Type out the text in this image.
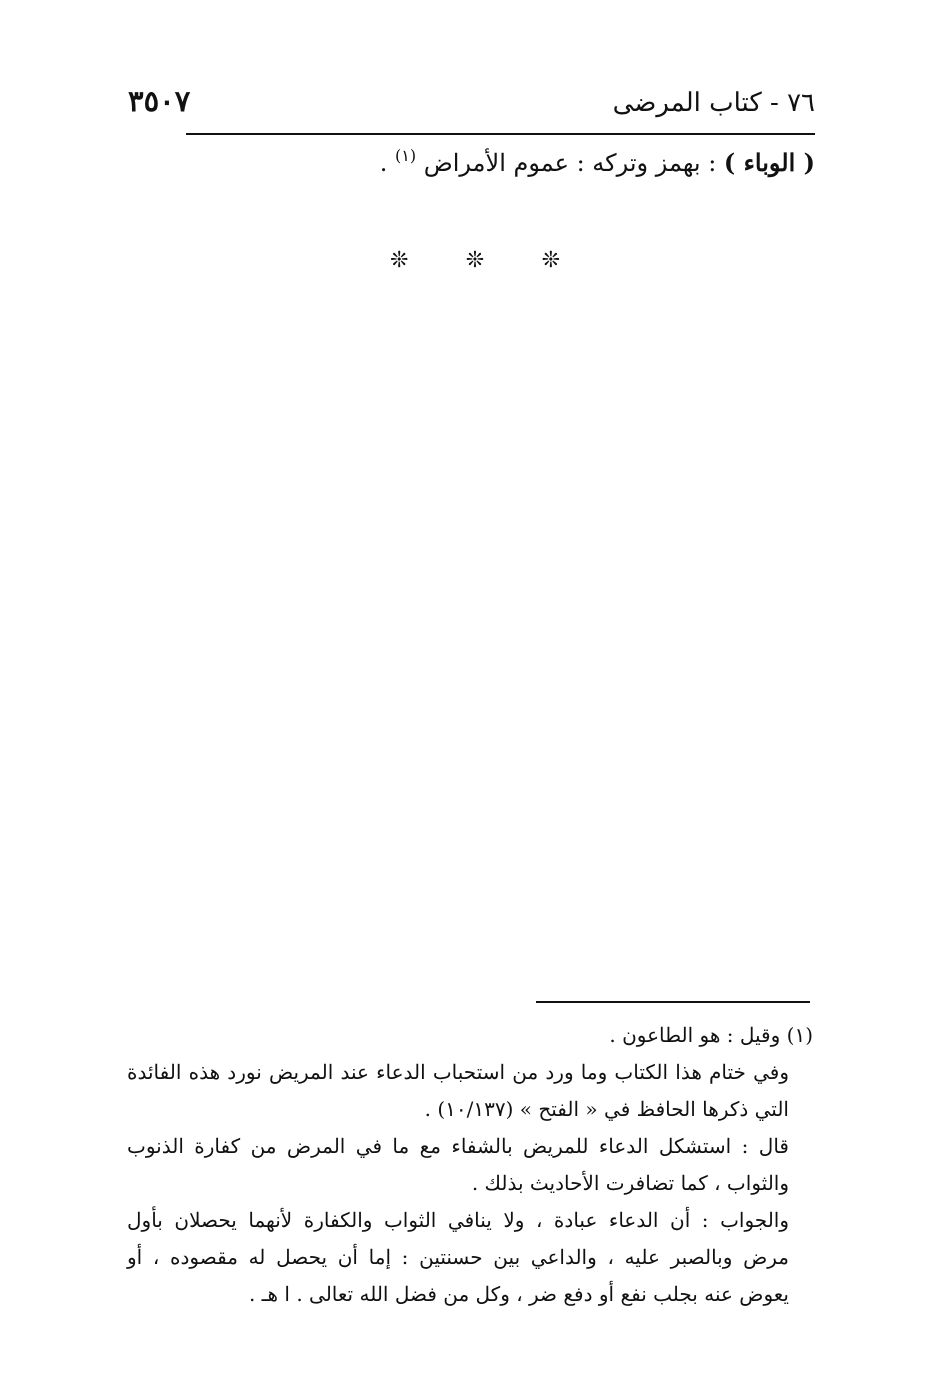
٧٦ - كتاب المرضى
٣٥٠٧
( الوباء ) : بهمز وتركه : عموم الأمراض $^{(١)}$ .
❊
❊
❊
(١) وقيل : هو الطاعون .
وفي ختام هذا الكتاب وما ورد من استحباب الدعاء عند المريض نورد هذه الفائدة
التي ذكرها الحافظ في « الفتح » (١٠/١٣٧) .
قال : استشكل الدعاء للمريض بالشفاء مع ما في المرض من كفارة الذنوب
والثواب ، كما تضافرت الأحاديث بذلك .
والجواب : أن الدعاء عبادة ، ولا ينافي الثواب والكفارة لأنهما يحصلان بأول
مرض وبالصبر عليه ، والداعي بين حسنتين : إما أن يحصل له مقصوده ، أو
يعوض عنه بجلب نفع أو دفع ضر ، وكل من فضل الله تعالى . ا هـ .
